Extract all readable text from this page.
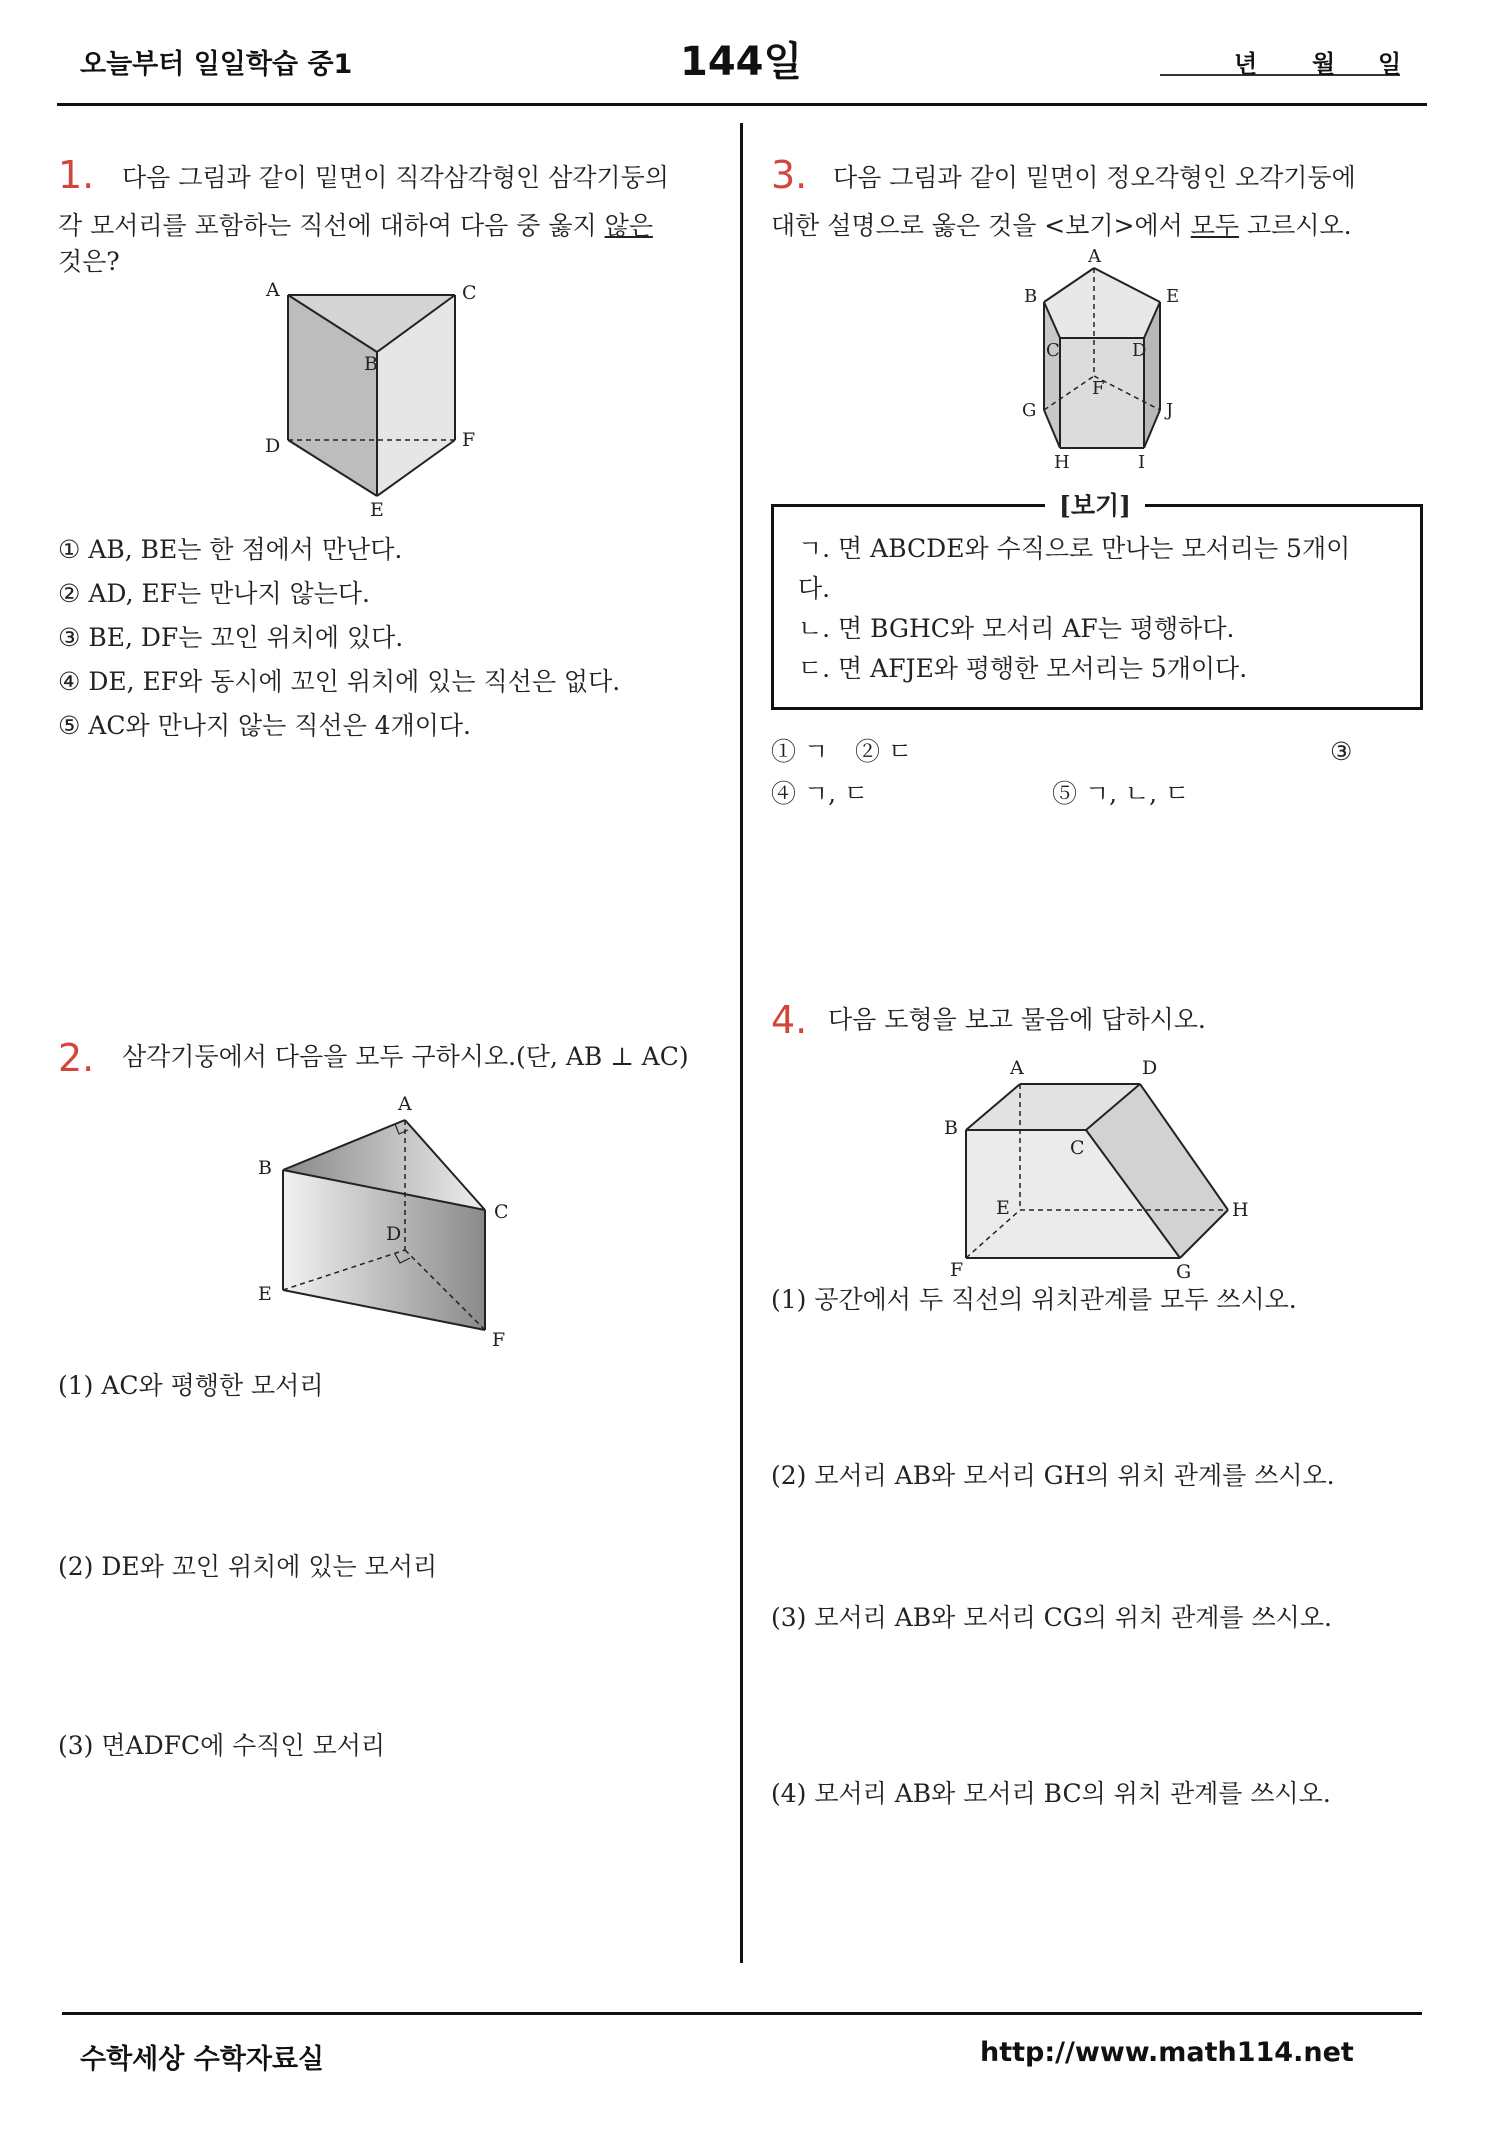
오늘부터 일일학습 중1	144일	년 월 일
1. 다음 그림과 같이 밑면이 직각삼각형인 삼각기둥의
각 모서리를 포함하는 직선에 대하여 다음 중 옳지 않은
것은?
A
B
C
D
E
F
① AB, BE는 한 점에서 만난다.
② AD, EF는 만나지 않는다.
③ BE, DF는 꼬인 위치에 있다.
④ DE, EF와 동시에 꼬인 위치에 있는 직선은 없다.
⑤ AC와 만나지 않는 직선은 4개이다.
2. 삼각기둥에서 다음을 모두 구하시오.(단, AB ⊥ AC)
A
B
C
D
E
F
(1) AC와 평행한 모서리
(2) DE와 꼬인 위치에 있는 모서리
(3) 면ADFC에 수직인 모서리
3. 다음 그림과 같이 밑면이 정오각형인 오각기둥에
대한 설명으로 옳은 것을 <보기>에서 모두 고르시오.
A
B
C	D
E
F
G
H	I
J
ㄱ. 면 ABCDE와 수직으로 만나는 모서리는 5개이
다.
ㄴ. 면 BGHC와 모서리 AF는 평행하다.
ㄷ. 면 AFJE와 평행한 모서리는 5개이다.
[보기]
① ㄱ ② ㄷ	③
④ ㄱ, ㄷ	⑤ ㄱ, ㄴ, ㄷ
4. 다음 도형을 보고 물음에 답하시오.
A
B
C
D
E
F	G
H
(1) 공간에서 두 직선의 위치관계를 모두 쓰시오.
(2) 모서리 AB와 모서리 GH의 위치 관계를 쓰시오.
(3) 모서리 AB와 모서리 CG의 위치 관계를 쓰시오.
(4) 모서리 AB와 모서리 BC의 위치 관계를 쓰시오.
수학세상 수학자료실	http://www.math114.net
